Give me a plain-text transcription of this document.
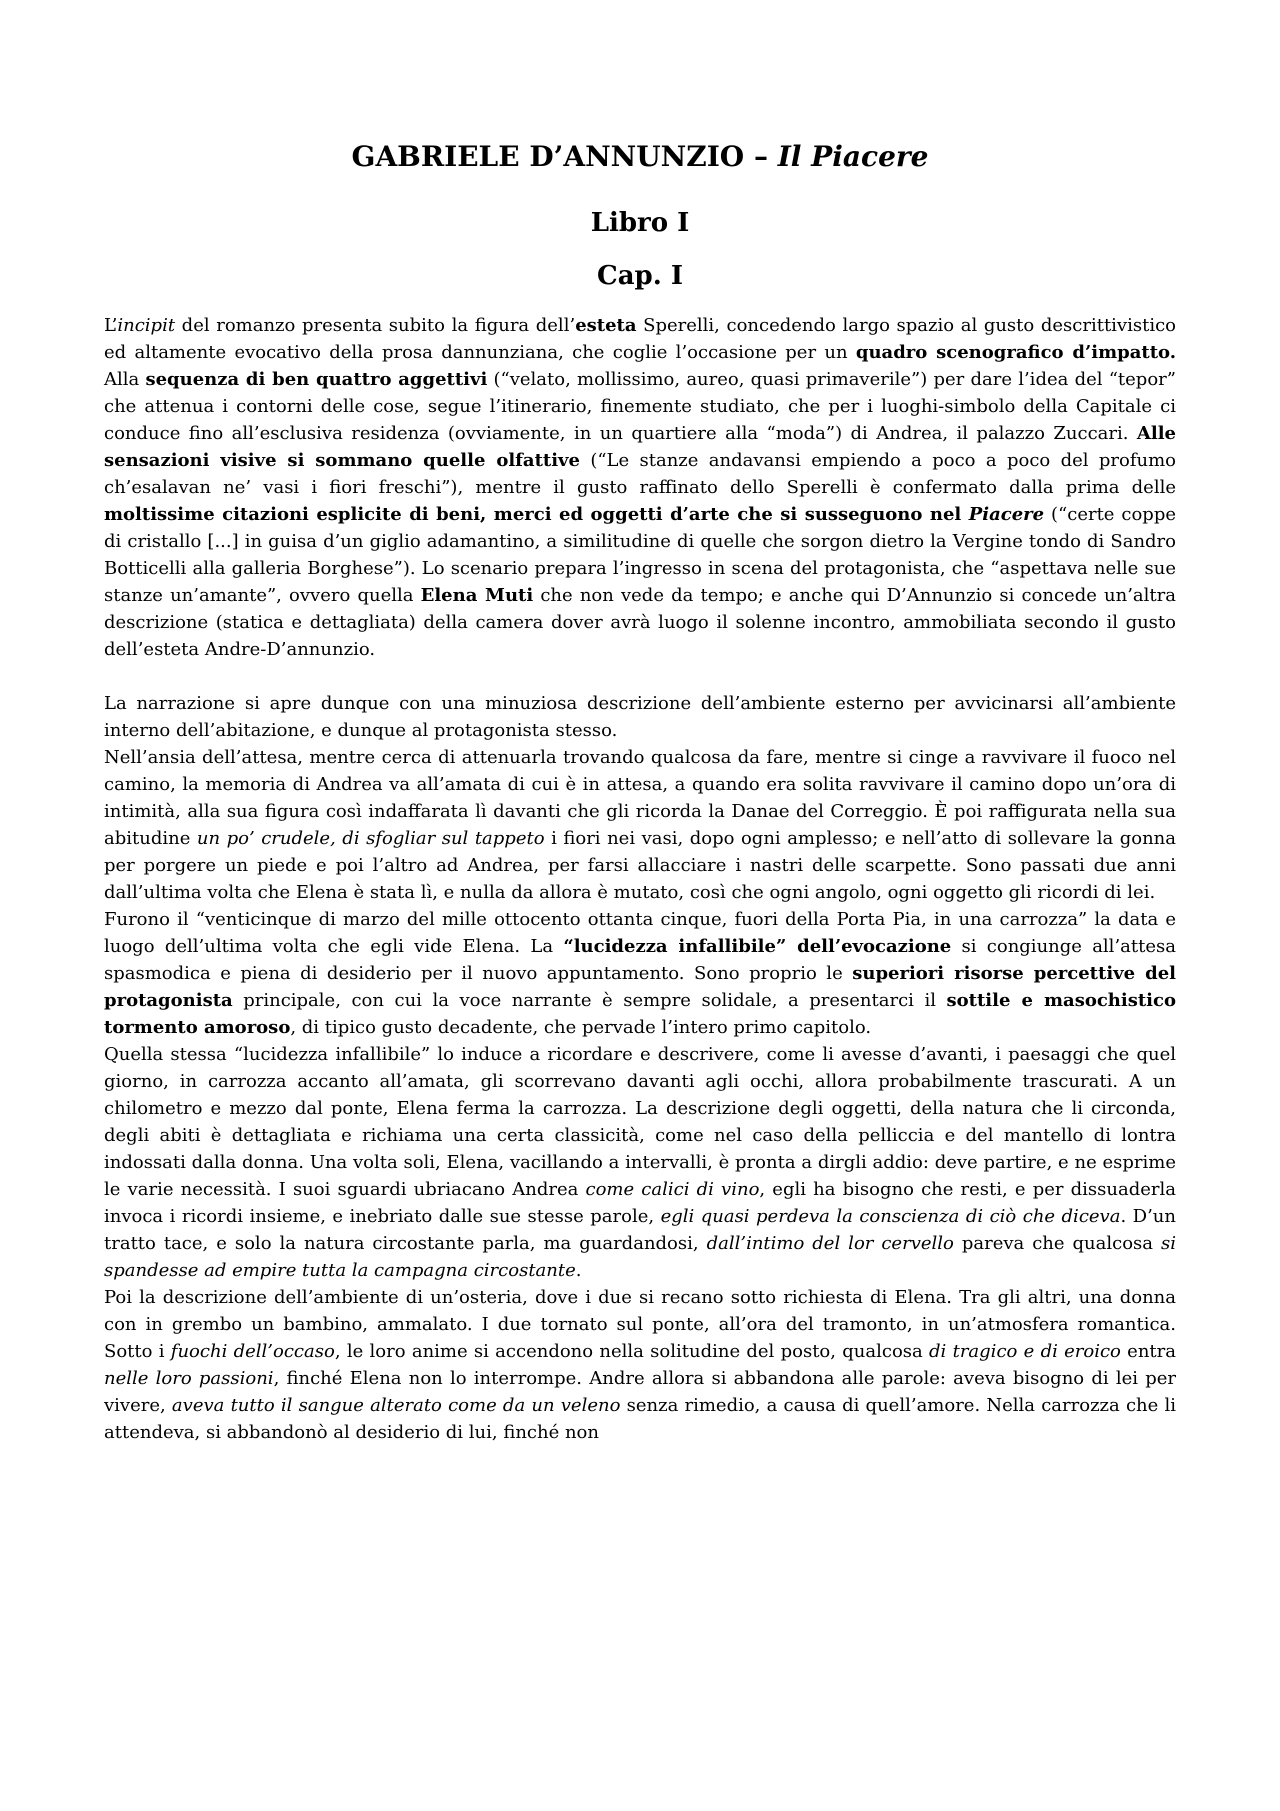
GABRIELE D’ANNUNZIO – Il Piacere
Libro I
Cap. I

L’incipit del romanzo presenta subito la figura dell’esteta Sperelli, concedendo largo spazio al gusto descrittivistico ed altamente evocativo della prosa dannunziana, che coglie l’occasione per un quadro scenografico d’impatto. Alla sequenza di ben quattro aggettivi (“velato, mollissimo, aureo, quasi primaverile”) per dare l’idea del “tepor” che attenua i contorni delle cose, segue l’itinerario, finemente studiato, che per i luoghi-simbolo della Capitale ci conduce fino all’esclusiva residenza (ovviamente, in un quartiere alla “moda”) di Andrea, il palazzo Zuccari. Alle sensazioni visive si sommano quelle olfattive (“Le stanze andavansi empiendo a poco a poco del profumo ch’esalavan ne’ vasi i fiori freschi”), mentre il gusto raffinato dello Sperelli è confermato dalla prima delle moltissime citazioni esplicite di beni, merci ed oggetti d’arte che si susseguono nel Piacere (“certe coppe di cristallo [...] in guisa d’un giglio adamantino, a similitudine di quelle che sorgon dietro la Vergine tondo di Sandro Botticelli alla galleria Borghese”). Lo scenario prepara l’ingresso in scena del protagonista, che “aspettava nelle sue stanze un’amante”, ovvero quella Elena Muti che non vede da tempo; e anche qui D’Annunzio si concede un’altra descrizione (statica e dettagliata) della camera dover avrà luogo il solenne incontro, ammobiliata secondo il gusto dell’esteta Andre-D’annunzio.

La narrazione si apre dunque con una minuziosa descrizione dell’ambiente esterno per avvicinarsi all’ambiente interno dell’abitazione, e dunque al protagonista stesso.

Nell’ansia dell’attesa, mentre cerca di attenuarla trovando qualcosa da fare, mentre si cinge a ravvivare il fuoco nel camino, la memoria di Andrea va all’amata di cui è in attesa, a quando era solita ravvivare il camino dopo un’ora di intimità, alla sua figura così indaffarata lì davanti che gli ricorda la Danae del Correggio. È poi raffigurata nella sua abitudine un po’ crudele, di sfogliar sul tappeto i fiori nei vasi, dopo ogni amplesso; e nell’atto di sollevare la gonna per porgere un piede e poi l’altro ad Andrea, per farsi allacciare i nastri delle scarpette. Sono passati due anni dall’ultima volta che Elena è stata lì, e nulla da allora è mutato, così che ogni angolo, ogni oggetto gli ricordi di lei.

Furono il “venticinque di marzo del mille ottocento ottanta cinque, fuori della Porta Pia, in una carrozza” la data e luogo dell’ultima volta che egli vide Elena. La “lucidezza infallibile” dell’evocazione si congiunge all’attesa spasmodica e piena di desiderio per il nuovo appuntamento. Sono proprio le superiori risorse percettive del protagonista principale, con cui la voce narrante è sempre solidale, a presentarci il sottile e masochistico tormento amoroso, di tipico gusto decadente, che pervade l’intero primo capitolo.

Quella stessa “lucidezza infallibile” lo induce a ricordare e descrivere, come li avesse d’avanti, i paesaggi che quel giorno, in carrozza accanto all’amata, gli scorrevano davanti agli occhi, allora probabilmente trascurati. A un chilometro e mezzo dal ponte, Elena ferma la carrozza. La descrizione degli oggetti, della natura che li circonda, degli abiti è dettagliata e richiama una certa classicità, come nel caso della pelliccia e del mantello di lontra indossati dalla donna. Una volta soli, Elena, vacillando a intervalli, è pronta a dirgli addio: deve partire, e ne esprime le varie necessità. I suoi sguardi ubriacano Andrea come calici di vino, egli ha bisogno che resti, e per dissuaderla invoca i ricordi insieme, e inebriato dalle sue stesse parole, egli quasi perdeva la conscienza di ciò che diceva. D’un tratto tace, e solo la natura circostante parla, ma guardandosi, dall’intimo del lor cervello pareva che qualcosa si spandesse ad empire tutta la campagna circostante.

Poi la descrizione dell’ambiente di un’osteria, dove i due si recano sotto richiesta di Elena. Tra gli altri, una donna con in grembo un bambino, ammalato. I due tornato sul ponte, all’ora del tramonto, in un’atmosfera romantica. Sotto i fuochi dell’occaso, le loro anime si accendono nella solitudine del posto, qualcosa di tragico e di eroico entra nelle loro passioni, finché Elena non lo interrompe. Andre allora si abbandona alle parole: aveva bisogno di lei per vivere, aveva tutto il sangue alterato come da un veleno senza rimedio, a causa di quell’amore. Nella carrozza che li attendeva, si abbandonò al desiderio di lui, finché non
